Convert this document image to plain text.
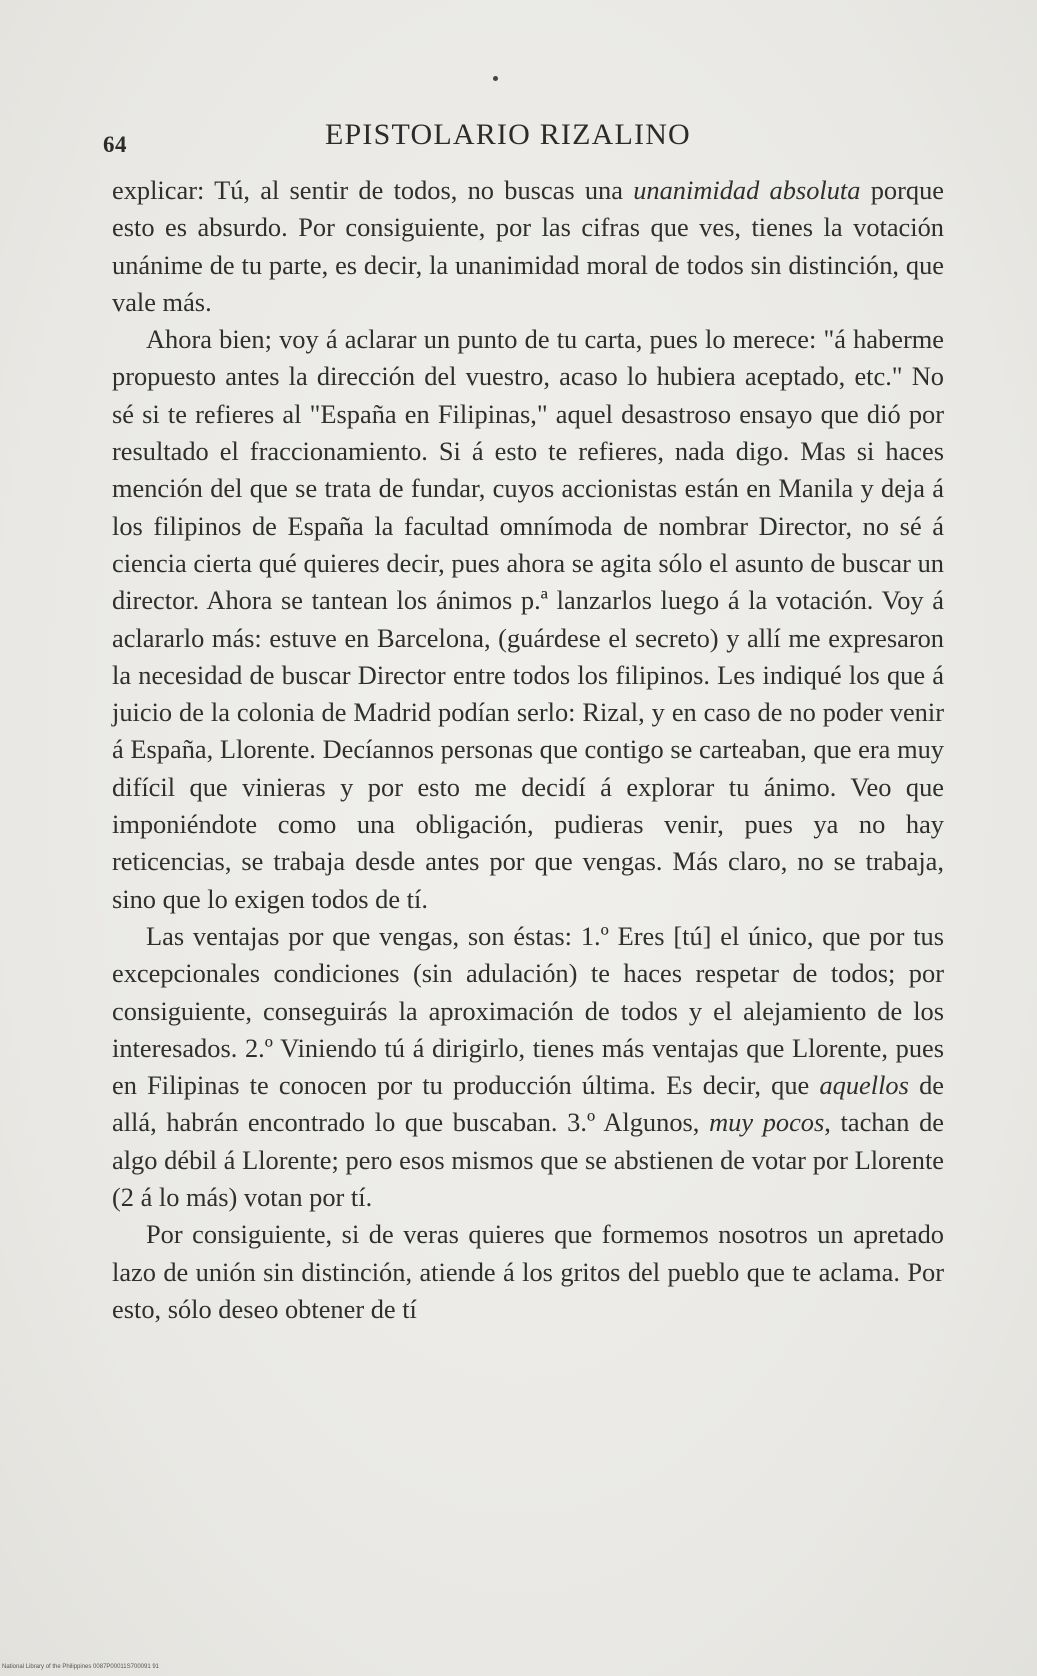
64	EPISTOLARIO RIZALINO

explicar: Tú, al sentir de todos, no buscas una unanimidad absoluta porque esto es absurdo. Por consiguiente, por las cifras que ves, tienes la votación unánime de tu parte, es decir, la unanimidad moral de todos sin distinción, que vale más.

Ahora bien; voy á aclarar un punto de tu carta, pues lo merece: "á haberme propuesto antes la dirección del vuestro, acaso lo hubiera aceptado, etc." No sé si te refieres al "España en Filipinas," aquel desastroso ensayo que dió por resultado el fraccionamiento. Si á esto te refieres, nada digo. Mas si haces mención del que se trata de fundar, cuyos accionistas están en Manila y deja á los filipinos de España la facultad omnímoda de nombrar Director, no sé á ciencia cierta qué quieres decir, pues ahora se agita sólo el asunto de buscar un director. Ahora se tantean los ánimos p.ª lanzarlos luego á la votación. Voy á aclararlo más: estuve en Barcelona, (guárdese el secreto) y allí me expresaron la necesidad de buscar Director entre todos los filipinos. Les indiqué los que á juicio de la colonia de Madrid podían serlo: Rizal, y en caso de no poder venir á España, Llorente. Decíannos personas que contigo se carteaban, que era muy difícil que vinieras y por esto me decidí á explorar tu ánimo. Veo que imponiéndote como una obligación, pudieras venir, pues ya no hay reticencias, se trabaja desde antes por que vengas. Más claro, no se trabaja, sino que lo exigen todos de tí.

Las ventajas por que vengas, son éstas: 1.º Eres [tú] el único, que por tus excepcionales condiciones (sin adulación) te haces respetar de todos; por consiguiente, conseguirás la aproximación de todos y el alejamiento de los interesados. 2.º Viniendo tú á dirigirlo, tienes más ventajas que Llorente, pues en Filipinas te conocen por tu producción última. Es decir, que aquellos de allá, habrán encontrado lo que buscaban. 3.º Algunos, muy pocos, tachan de algo débil á Llorente; pero esos mismos que se abstienen de votar por Llorente (2 á lo más) votan por tí.

Por consiguiente, si de veras quieres que formemos nosotros un apretado lazo de unión sin distinción, atiende á los gritos del pueblo que te aclama. Por esto, sólo deseo obtener de tí

National Library of the Philippines 0087P00011S700091 91
